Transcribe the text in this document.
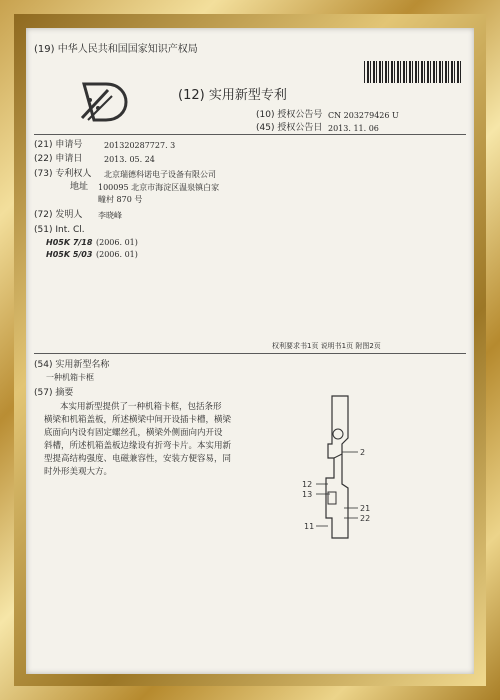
(19) 中华人民共和国国家知识产权局
(12) 实用新型专利
(10) 授权公告号 CN 203279426 U
(45) 授权公告日 2013. 11. 06
(21) 申请号	201320287727. 3
(22) 申请日	2013. 05. 24
(73) 专利权人 北京瑞德科诺电子设备有限公司
地址 100095 北京市海淀区温泉镇白家
疃村 870 号
(72) 发明人 李晓峰
(51) Int. Cl.
H05K 7/18 (2006. 01)
H05K 5/03 (2006. 01)
权利要求书1页 说明书1页 附图2页
(54) 实用新型名称
一种机箱卡框
(57) 摘要
本实用新型提供了一种机箱卡框，包括条形
横梁和机箱盖板，所述横梁中间开设插卡槽，横梁
底面向内设有固定螺丝孔，横梁外侧面向内开设
斜槽，所述机箱盖板边缘设有折弯卡片。本实用新
型提高结构强度、电磁兼容性，安装方便容易，同
时外形美观大方。
2
12
13
21
22
11
